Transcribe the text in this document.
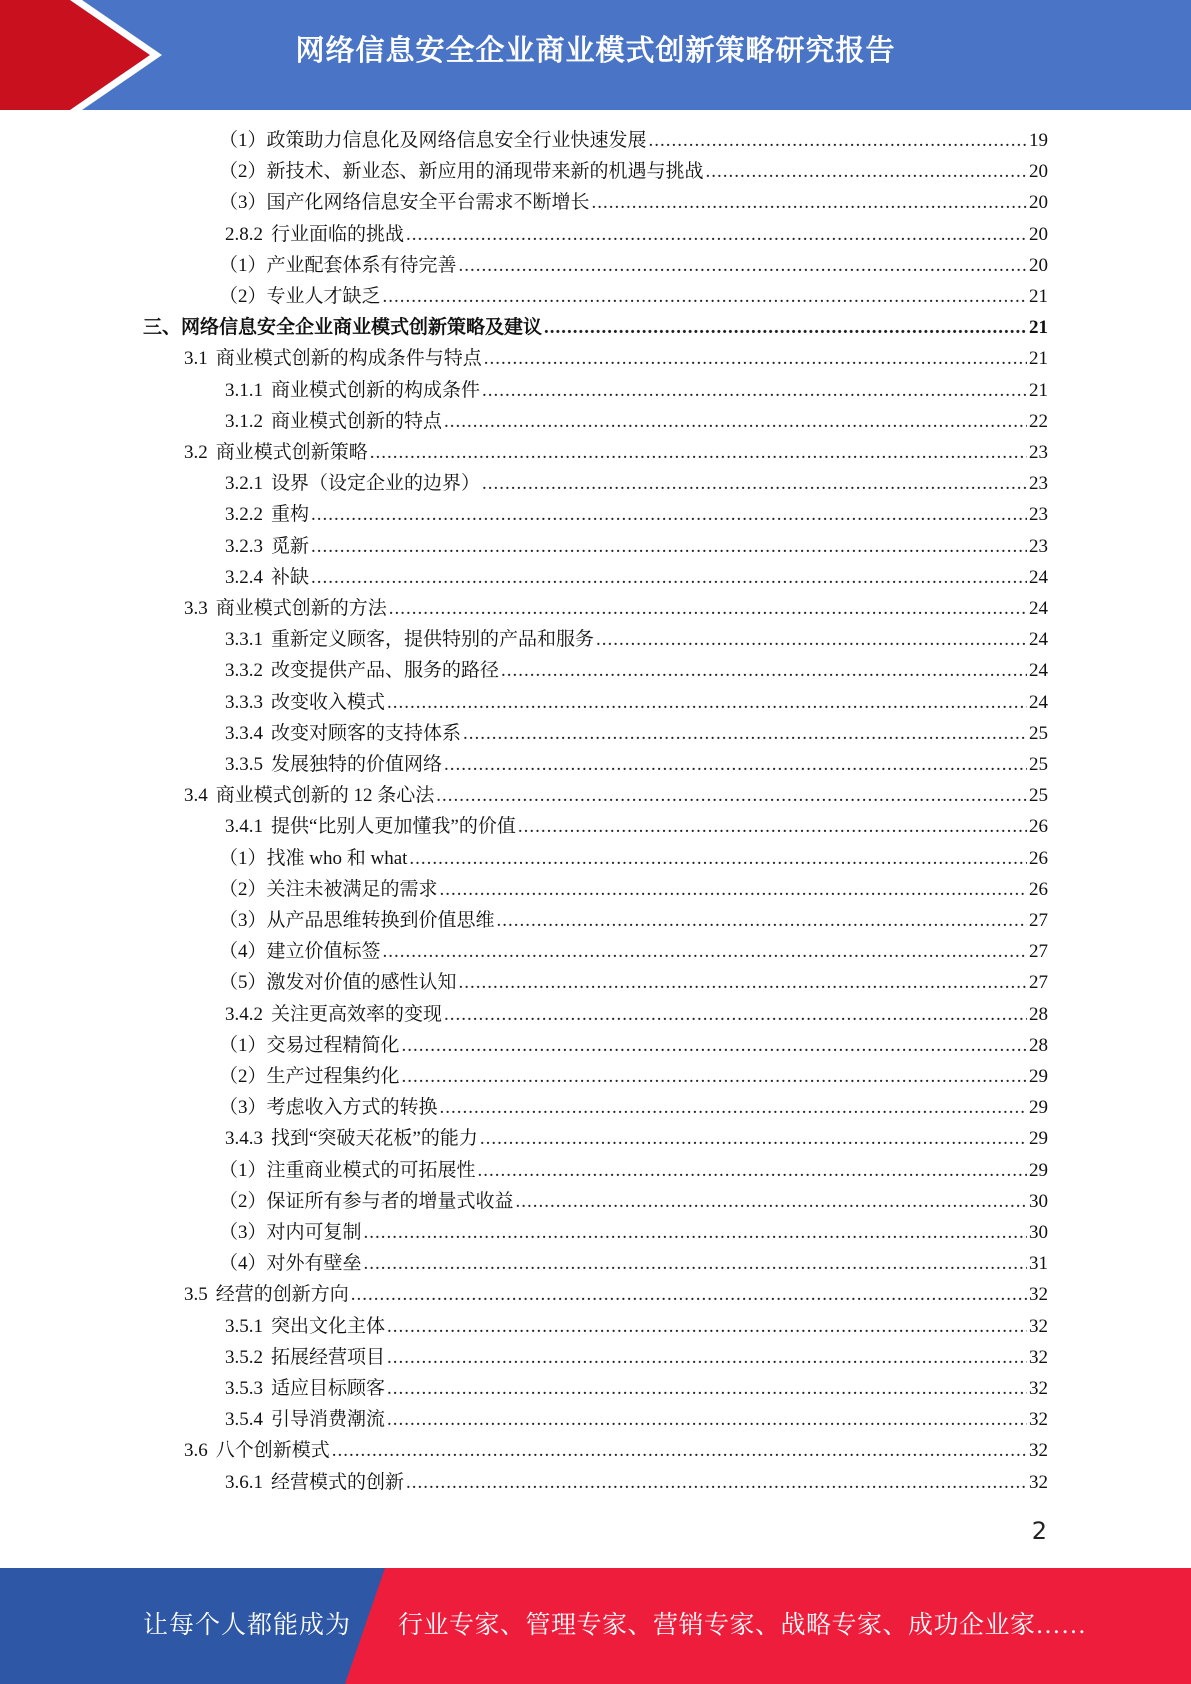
网络信息安全企业商业模式创新策略研究报告
（1） 政策助力信息化及网络信息安全行业快速发展 .....	19
（2） 新技术、新业态、新应用的涌现带来新的机遇与挑战 .....	20
（3） 国产化网络信息安全平台需求不断增长 .....	20
2.8.2 行业面临的挑战 .....	20
（1） 产业配套体系有待完善 .....	20
（2） 专业人才缺乏 .....	21
三、 网络信息安全企业商业模式创新策略及建议 .....	21
3.1 商业模式创新的构成条件与特点 .....	21
3.1.1 商业模式创新的构成条件 .....	21
3.1.2 商业模式创新的特点 .....	22
3.2 商业模式创新策略 .....	23
3.2.1 设界（设定企业的边界） .....	23
3.2.2 重构 .....	23
3.2.3 觅新 .....	23
3.2.4 补缺 .....	24
3.3 商业模式创新的方法 .....	24
3.3.1 重新定义顾客，提供特别的产品和服务 .....	24
3.3.2 改变提供产品、服务的路径 .....	24
3.3.3 改变收入模式 .....	24
3.3.4 改变对顾客的支持体系 .....	25
3.3.5 发展独特的价值网络 .....	25
3.4 商业模式创新的 12 条心法 .....	25
3.4.1 提供“比别人更加懂我”的价值 .....	26
（1） 找准 who 和 what .....	26
（2） 关注未被满足的需求 .....	26
（3） 从产品思维转换到价值思维 .....	27
（4） 建立价值标签 .....	27
（5） 激发对价值的感性认知 .....	27
3.4.2 关注更高效率的变现 .....	28
（1） 交易过程精简化 .....	28
（2） 生产过程集约化 .....	29
（3） 考虑收入方式的转换 .....	29
3.4.3 找到“突破天花板”的能力 .....	29
（1） 注重商业模式的可拓展性 .....	29
（2） 保证所有参与者的增量式收益 .....	30
（3） 对内可复制 .....	30
（4） 对外有壁垒 .....	31
3.5 经营的创新方向 .....	32
3.5.1 突出文化主体 .....	32
3.5.2 拓展经营项目 .....	32
3.5.3 适应目标顾客 .....	32
3.5.4 引导消费潮流 .....	32
3.6 八个创新模式 .....	32
3.6.1 经营模式的创新 .....	32
2
让每个人都能成为 行业专家、管理专家、营销专家、战略专家、成功企业家……
